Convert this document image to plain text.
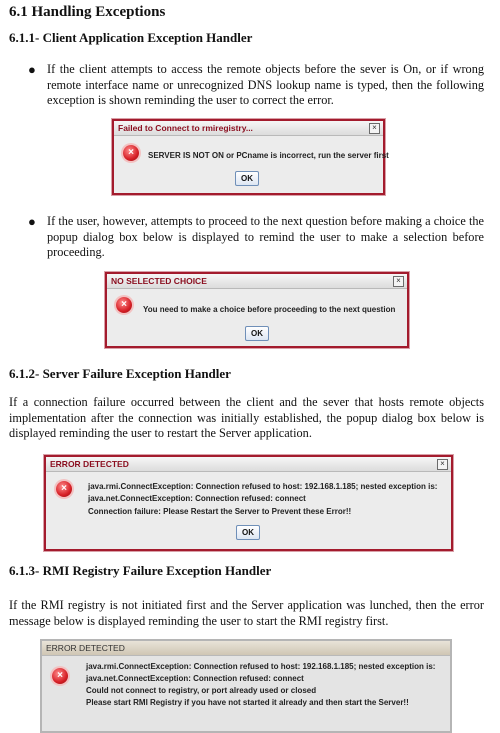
6.1 Handling Exceptions
6.1.1- Client Application Exception Handler
● If the client attempts to access the remote objects before the sever is On, or if wrong remote interface name or unrecognized DNS lookup name is typed, then the following exception is shown reminding the user to correct the error.
Failed to Connect to rmiregistry...	×
×	SERVER IS NOT ON or PCname is incorrect, run the server first
OK
● If the user, however, attempts to proceed to the next question before making a choice the popup dialog box below is displayed to remind the user to make a selection before proceeding.
NO SELECTED CHOICE	×
×	You need to make a choice before proceeding to the next question
OK
6.1.2- Server Failure Exception Handler
If a connection failure occurred between the client and the sever that hosts remote objects implementation after the connection was initially established, the popup dialog box below is displayed reminding the user to restart the Server application.
ERROR DETECTED	×
×	java.rmi.ConnectException: Connection refused to host: 192.168.1.185; nested exception is:
java.net.ConnectException: Connection refused: connect
Connection failure: Please Restart the Server to Prevent these Error!!
OK
6.1.3- RMI Registry Failure Exception Handler
If the RMI registry is not initiated first and the Server application was lunched, then the error message below is displayed reminding the user to start the RMI registry first.
ERROR DETECTED
×
java.rmi.ConnectException: Connection refused to host: 192.168.1.185; nested exception is:
java.net.ConnectException: Connection refused: connect
Could not connect to registry, or port already used or closed
Please start RMI Registry if you have not started it already and then start the Server!!
